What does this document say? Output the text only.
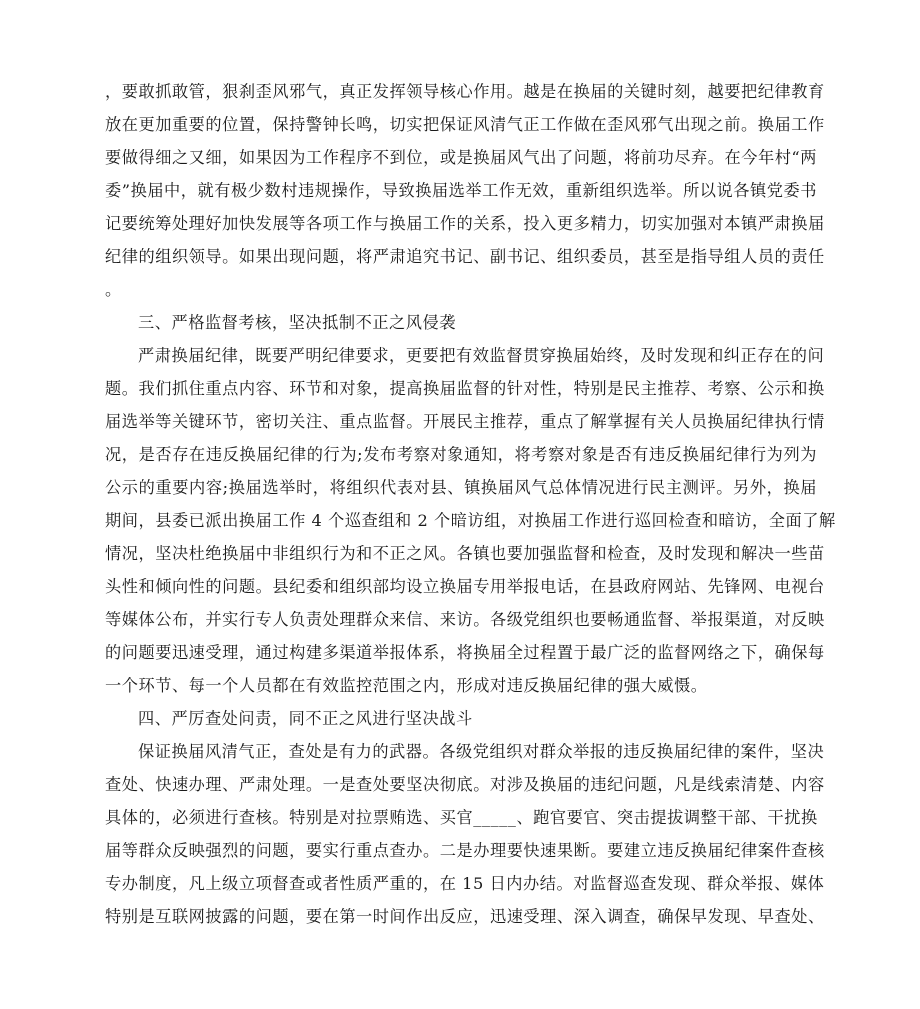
，要敢抓敢管，狠刹歪风邪气，真正发挥领导核心作用。越是在换届的关键时刻，越要把纪律教育
放在更加重要的位置，保持警钟长鸣，切实把保证风清气正工作做在歪风邪气出现之前。换届工作
要做得细之又细，如果因为工作程序不到位，或是换届风气出了问题，将前功尽弃。在今年村“两
委”换届中，就有极少数村违规操作，导致换届选举工作无效，重新组织选举。所以说各镇党委书
记要统筹处理好加快发展等各项工作与换届工作的关系，投入更多精力，切实加强对本镇严肃换届
纪律的组织领导。如果出现问题，将严肃追究书记、副书记、组织委员，甚至是指导组人员的责任
。
三、严格监督考核，坚决抵制不正之风侵袭
严肃换届纪律，既要严明纪律要求，更要把有效监督贯穿换届始终，及时发现和纠正存在的问
题。我们抓住重点内容、环节和对象，提高换届监督的针对性，特别是民主推荐、考察、公示和换
届选举等关键环节，密切关注、重点监督。开展民主推荐，重点了解掌握有关人员换届纪律执行情
况，是否存在违反换届纪律的行为;发布考察对象通知，将考察对象是否有违反换届纪律行为列为
公示的重要内容;换届选举时，将组织代表对县、镇换届风气总体情况进行民主测评。另外，换届
期间，县委已派出换届工作 4 个巡查组和 2 个暗访组，对换届工作进行巡回检查和暗访，全面了解
情况，坚决杜绝换届中非组织行为和不正之风。各镇也要加强监督和检查，及时发现和解决一些苗
头性和倾向性的问题。县纪委和组织部均设立换届专用举报电话，在县政府网站、先锋网、电视台
等媒体公布，并实行专人负责处理群众来信、来访。各级党组织也要畅通监督、举报渠道，对反映
的问题要迅速受理，通过构建多渠道举报体系，将换届全过程置于最广泛的监督网络之下，确保每
一个环节、每一个人员都在有效监控范围之内，形成对违反换届纪律的强大威慑。
四、严厉查处问责，同不正之风进行坚决战斗
保证换届风清气正，查处是有力的武器。各级党组织对群众举报的违反换届纪律的案件，坚决
查处、快速办理、严肃处理。一是查处要坚决彻底。对涉及换届的违纪问题，凡是线索清楚、内容
具体的，必须进行查核。特别是对拉票贿选、买官_____、跑官要官、突击提拔调整干部、干扰换
届等群众反映强烈的问题，要实行重点查办。二是办理要快速果断。要建立违反换届纪律案件查核
专办制度，凡上级立项督查或者性质严重的，在 15 日内办结。对监督巡查发现、群众举报、媒体
特别是互联网披露的问题，要在第一时间作出反应，迅速受理、深入调查，确保早发现、早查处、
